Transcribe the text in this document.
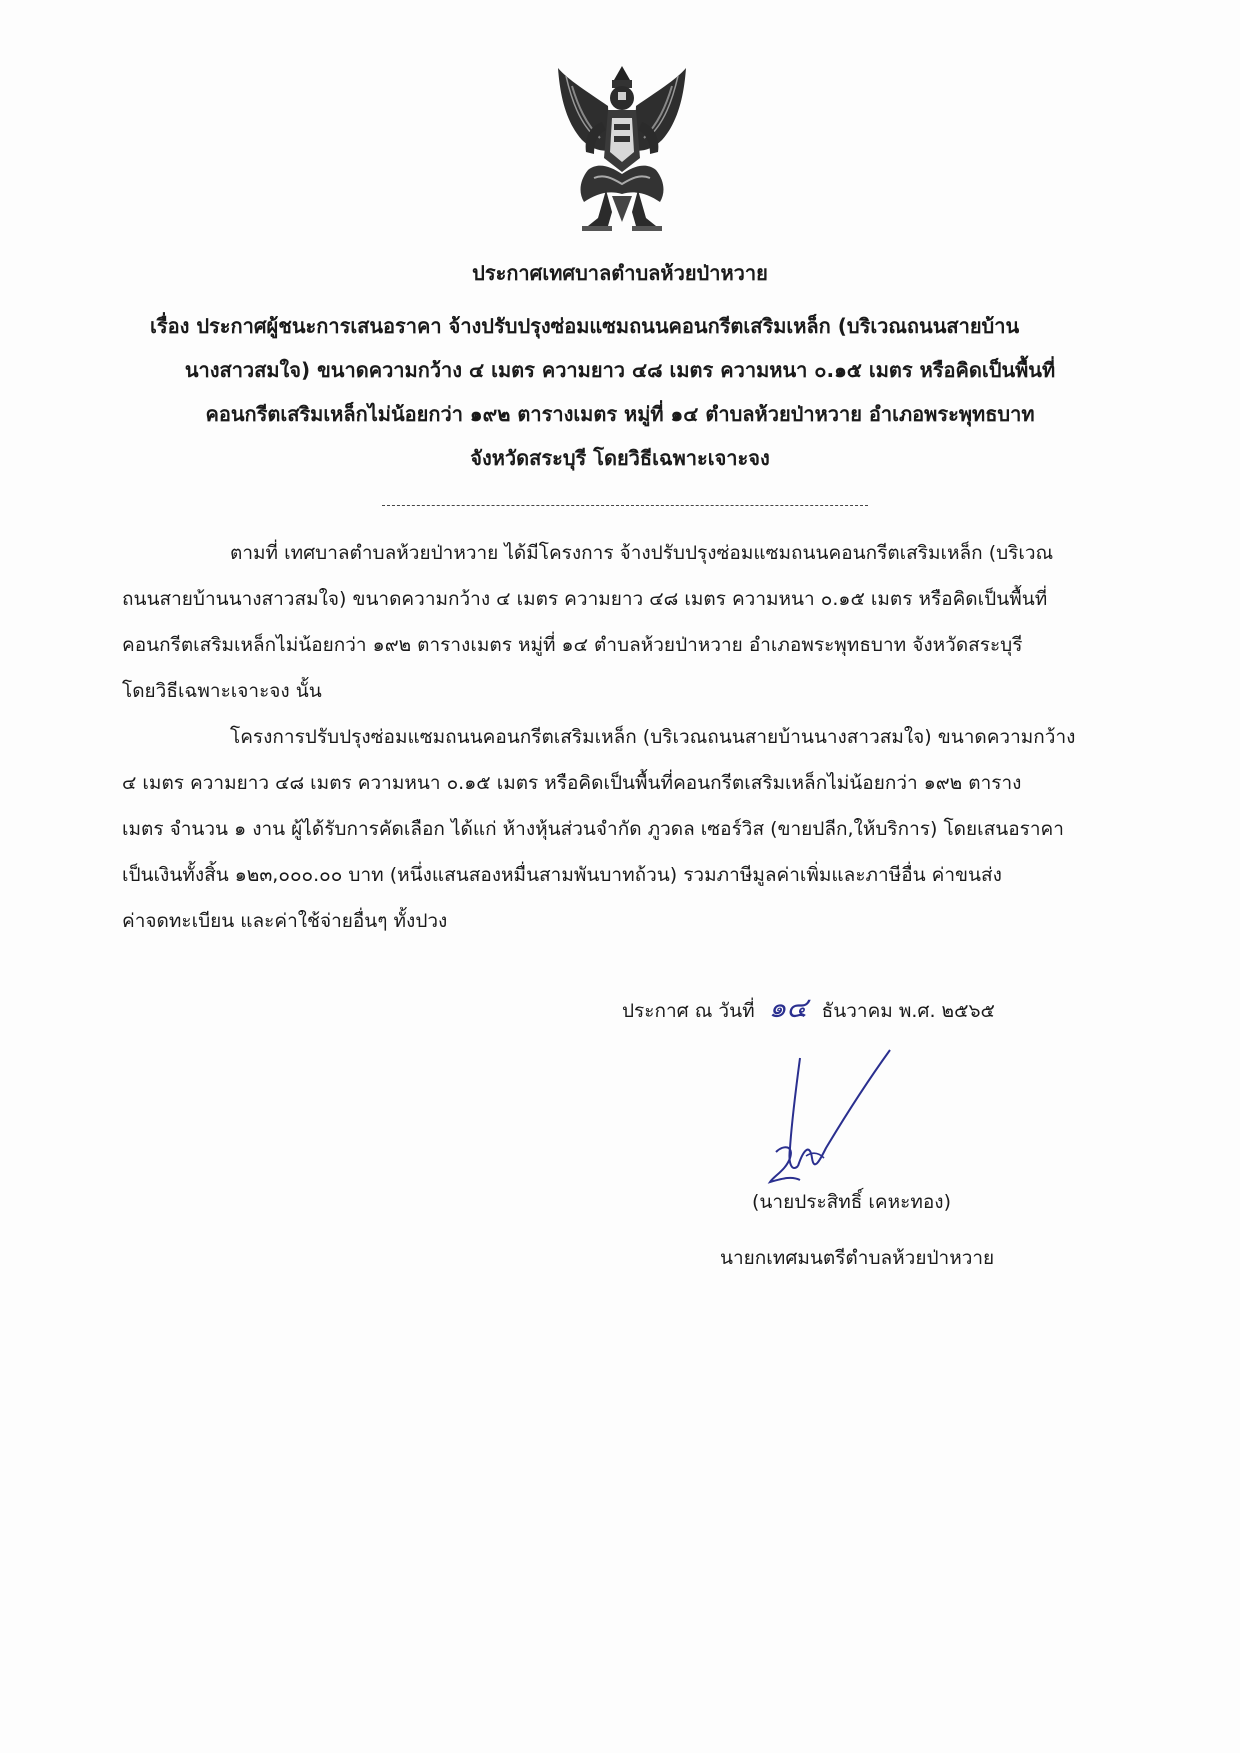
ประกาศเทศบาลตำบลห้วยป่าหวาย
เรื่อง ประกาศผู้ชนะการเสนอราคา จ้างปรับปรุงซ่อมแซมถนนคอนกรีตเสริมเหล็ก (บริเวณถนนสายบ้าน
นางสาวสมใจ) ขนาดความกว้าง ๔ เมตร ความยาว ๔๘ เมตร ความหนา ๐.๑๕ เมตร หรือคิดเป็นพื้นที่
คอนกรีตเสริมเหล็กไม่น้อยกว่า ๑๙๒ ตารางเมตร หมู่ที่ ๑๔ ตำบลห้วยป่าหวาย อำเภอพระพุทธบาท
จังหวัดสระบุรี โดยวิธีเฉพาะเจาะจง
ตามที่ เทศบาลตำบลห้วยป่าหวาย ได้มีโครงการ จ้างปรับปรุงซ่อมแซมถนนคอนกรีตเสริมเหล็ก (บริเวณ
ถนนสายบ้านนางสาวสมใจ) ขนาดความกว้าง ๔ เมตร ความยาว ๔๘ เมตร ความหนา ๐.๑๕ เมตร หรือคิดเป็นพื้นที่
คอนกรีตเสริมเหล็กไม่น้อยกว่า ๑๙๒ ตารางเมตร หมู่ที่ ๑๔ ตำบลห้วยป่าหวาย อำเภอพระพุทธบาท จังหวัดสระบุรี
โดยวิธีเฉพาะเจาะจง นั้น
โครงการปรับปรุงซ่อมแซมถนนคอนกรีตเสริมเหล็ก (บริเวณถนนสายบ้านนางสาวสมใจ) ขนาดความกว้าง
๔ เมตร ความยาว ๔๘ เมตร ความหนา ๐.๑๕ เมตร หรือคิดเป็นพื้นที่คอนกรีตเสริมเหล็กไม่น้อยกว่า ๑๙๒ ตาราง
เมตร จำนวน ๑ งาน ผู้ได้รับการคัดเลือก ได้แก่ ห้างหุ้นส่วนจำกัด ภูวดล เซอร์วิส (ขายปลีก,ให้บริการ) โดยเสนอราคา
เป็นเงินทั้งสิ้น ๑๒๓,๐๐๐.๐๐ บาท (หนึ่งแสนสองหมื่นสามพันบาทถ้วน) รวมภาษีมูลค่าเพิ่มและภาษีอื่น ค่าขนส่ง
ค่าจดทะเบียน และค่าใช้จ่ายอื่นๆ ทั้งปวง
ประกาศ ณ วันที่ ๑๔ ธันวาคม พ.ศ. ๒๕๖๕
(นายประสิทธิ์ เคหะทอง)
นายกเทศมนตรีตำบลห้วยป่าหวาย
